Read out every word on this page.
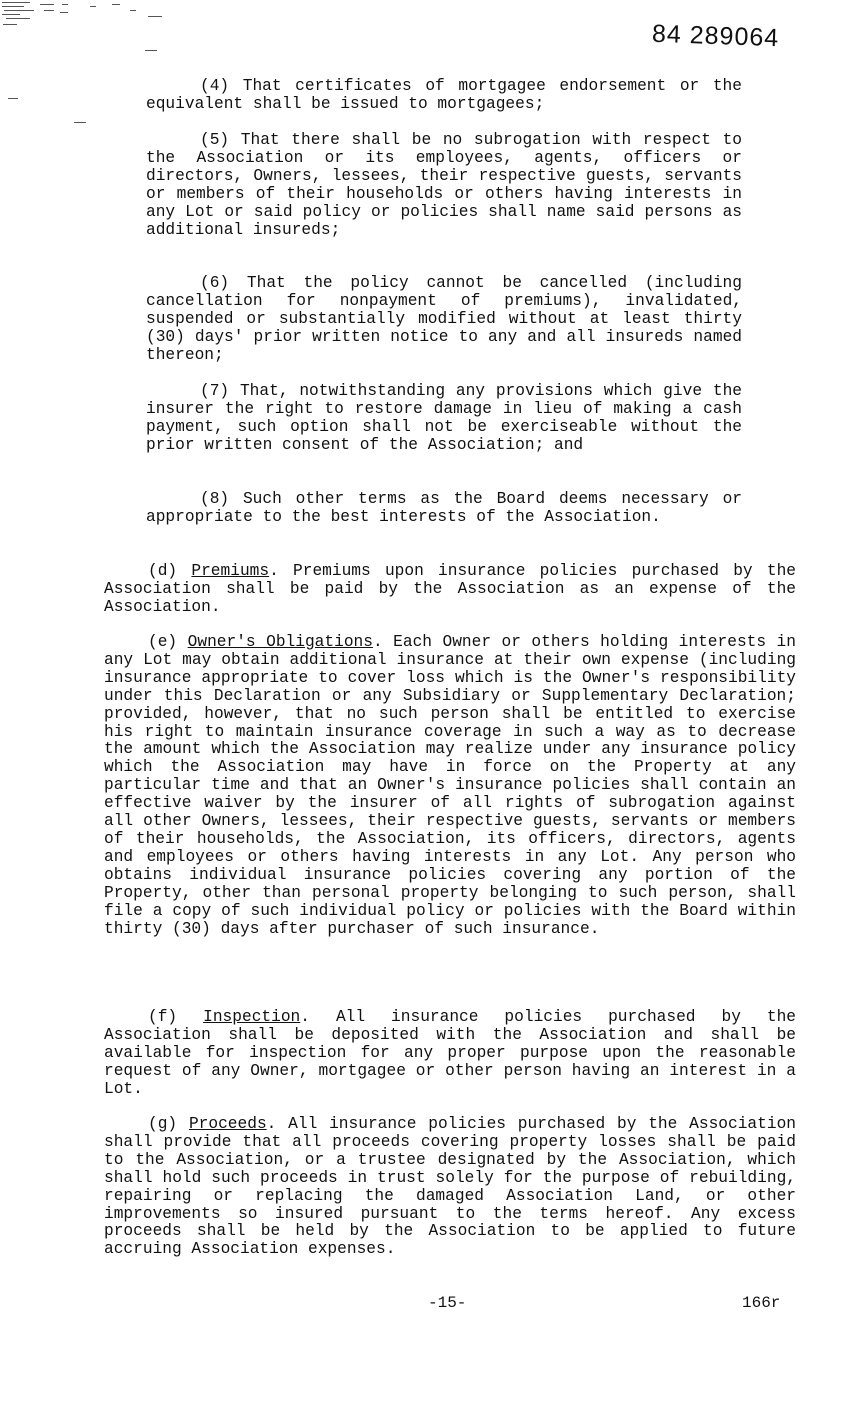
84 289064

(4) That certificates of mortgagee endorsement or the equivalent shall be issued to mortgagees;

(5) That there shall be no subrogation with respect to the Association or its employees, agents, officers or directors, Owners, lessees, their respective guests, servants or members of their households or others having interests in any Lot or said policy or policies shall name said persons as additional insureds;

(6) That the policy cannot be cancelled (including cancellation for nonpayment of premiums), invalidated, suspended or substantially modified without at least thirty (30) days' prior written notice to any and all insureds named thereon;

(7) That, notwithstanding any provisions which give the insurer the right to restore damage in lieu of making a cash payment, such option shall not be exerciseable without the prior written consent of the Association; and

(8) Such other terms as the Board deems necessary or appropriate to the best interests of the Association.

(d) Premiums. Premiums upon insurance policies purchased by the Association shall be paid by the Association as an expense of the Association.

(e) Owner's Obligations. Each Owner or others holding interests in any Lot may obtain additional insurance at their own expense (including insurance appropriate to cover loss which is the Owner's responsibility under this Declaration or any Subsidiary or Supplementary Declaration; provided, however, that no such person shall be entitled to exercise his right to maintain insurance coverage in such a way as to decrease the amount which the Association may realize under any insurance policy which the Association may have in force on the Property at any particular time and that an Owner's insurance policies shall contain an effective waiver by the insurer of all rights of subrogation against all other Owners, lessees, their respective guests, servants or members of their households, the Association, its officers, directors, agents and employees or others having interests in any Lot. Any person who obtains individual insurance policies covering any portion of the Property, other than personal property belonging to such person, shall file a copy of such individual policy or policies with the Board within thirty (30) days after purchaser of such insurance.

(f) Inspection. All insurance policies purchased by the Association shall be deposited with the Association and shall be available for inspection for any proper purpose upon the reasonable request of any Owner, mortgagee or other person having an interest in a Lot.

(g) Proceeds. All insurance policies purchased by the Association shall provide that all proceeds covering property losses shall be paid to the Association, or a trustee designated by the Association, which shall hold such proceeds in trust solely for the purpose of rebuilding, repairing or replacing the damaged Association Land, or other improvements so insured pursuant to the terms hereof. Any excess proceeds shall be held by the Association to be applied to future accruing Association expenses.

-15-	166r
